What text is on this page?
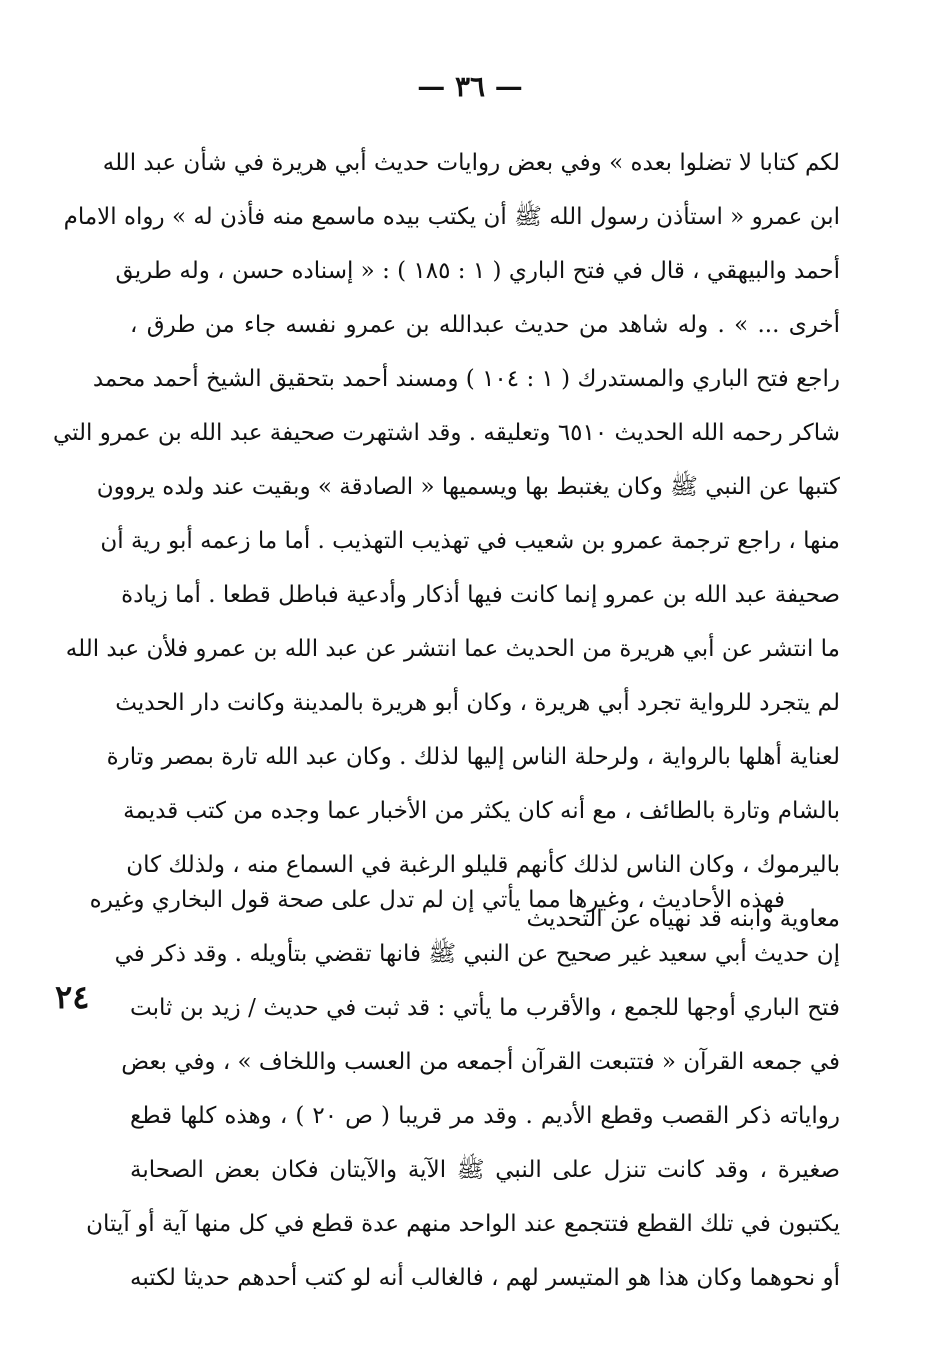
— ٣٦ —
٢٤
لكم كتابا لا تضلوا بعده » وفي بعض روايات حديث أبي هريرة في شأن عبد الله
ابن عمرو « استأذن رسول الله ﷺ أن يكتب بيده ماسمع منه فأذن له » رواه الامام
أحمد والبيهقي ، قال في فتح الباري ( ١ : ١٨٥ ) : « إسناده حسن ، وله طريق
أخرى ... » . وله شاهد من حديث عبدالله بن عمرو نفسه جاء من طرق ،
راجع فتح الباري والمستدرك ( ١ : ١٠٤ ) ومسند أحمد بتحقيق الشيخ أحمد محمد
شاكر رحمه الله الحديث ٦٥١٠ وتعليقه . وقد اشتهرت صحيفة عبد الله بن عمرو التي
كتبها عن النبي ﷺ وكان يغتبط بها ويسميها « الصادقة » وبقيت عند ولده يروون
منها ، راجع ترجمة عمرو بن شعيب في تهذيب التهذيب . أما ما زعمه أبو رية أن
صحيفة عبد الله بن عمرو إنما كانت فيها أذكار وأدعية فباطل قطعا . أما زيادة
ما انتشر عن أبي هريرة من الحديث عما انتشر عن عبد الله بن عمرو فلأن عبد الله
لم يتجرد للرواية تجرد أبي هريرة ، وكان أبو هريرة بالمدينة وكانت دار الحديث
لعناية أهلها بالرواية ، ولرحلة الناس إليها لذلك . وكان عبد الله تارة بمصر وتارة
بالشام وتارة بالطائف ، مع أنه كان يكثر من الأخبار عما وجده من كتب قديمة
باليرموك ، وكان الناس لذلك كأنهم قليلو الرغبة في السماع منه ، ولذلك كان
معاوية وابنه قد نهياه عن التحديث
فهذه الأحاديث ، وغيرها مما يأتي إن لم تدل على صحة قول البخاري وغيره
إن حديث أبي سعيد غير صحيح عن النبي ﷺ فانها تقضي بتأويله . وقد ذكر في
فتح الباري أوجها للجمع ، والأقرب ما يأتي : قد ثبت في حديث / زيد بن ثابت
في جمعه القرآن « فتتبعت القرآن أجمعه من العسب واللخاف » ، وفي بعض
رواياته ذكر القصب وقطع الأديم . وقد مر قريبا ( ص ٢٠ ) ، وهذه كلها قطع
صغيرة ، وقد كانت تنزل على النبي ﷺ الآية والآيتان فكان بعض الصحابة
يكتبون في تلك القطع فتتجمع عند الواحد منهم عدة قطع في كل منها آية أو آيتان
أو نحوهما وكان هذا هو المتيسر لهم ، فالغالب أنه لو كتب أحدهم حديثا لكتبه
